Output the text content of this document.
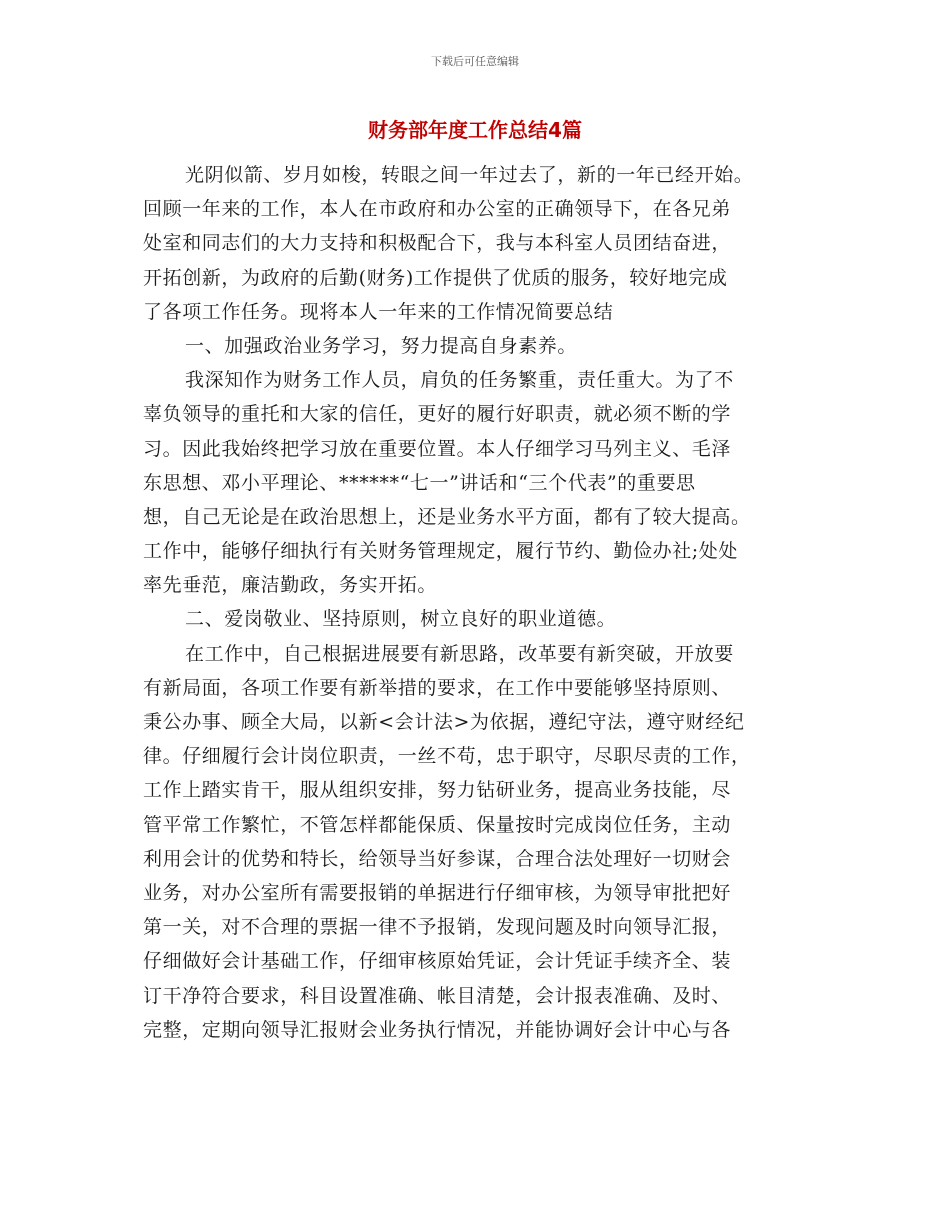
下载后可任意编辑
财务部年度工作总结4篇
光阴似箭、岁月如梭，转眼之间一年过去了，新的一年已经开始。
回顾一年来的工作，本人在市政府和办公室的正确领导下，在各兄弟
处室和同志们的大力支持和积极配合下，我与本科室人员团结奋进，
开拓创新，为政府的后勤(财务)工作提供了优质的服务，较好地完成
了各项工作任务。现将本人一年来的工作情况简要总结
一、加强政治业务学习，努力提高自身素养。
我深知作为财务工作人员，肩负的任务繁重，责任重大。为了不
辜负领导的重托和大家的信任，更好的履行好职责，就必须不断的学
习。因此我始终把学习放在重要位置。本人仔细学习马列主义、毛泽
东思想、邓小平理论、******“七一”讲话和“三个代表”的重要思
想，自己无论是在政治思想上，还是业务水平方面，都有了较大提高。
工作中，能够仔细执行有关财务管理规定，履行节约、勤俭办社;处处
率先垂范，廉洁勤政，务实开拓。
二、爱岗敬业、坚持原则，树立良好的职业道德。
在工作中，自己根据进展要有新思路，改革要有新突破，开放要
有新局面，各项工作要有新举措的要求，在工作中要能够坚持原则、
秉公办事、顾全大局，以新<会计法>为依据，遵纪守法，遵守财经纪
律。仔细履行会计岗位职责，一丝不苟，忠于职守，尽职尽责的工作，
工作上踏实肯干，服从组织安排，努力钻研业务，提高业务技能，尽
管平常工作繁忙，不管怎样都能保质、保量按时完成岗位任务，主动
利用会计的优势和特长，给领导当好参谋，合理合法处理好一切财会
业务，对办公室所有需要报销的单据进行仔细审核，为领导审批把好
第一关，对不合理的票据一律不予报销，发现问题及时向领导汇报，
仔细做好会计基础工作，仔细审核原始凭证，会计凭证手续齐全、装
订干净符合要求，科目设置准确、帐目清楚，会计报表准确、及时、
完整，定期向领导汇报财会业务执行情况，并能协调好会计中心与各
